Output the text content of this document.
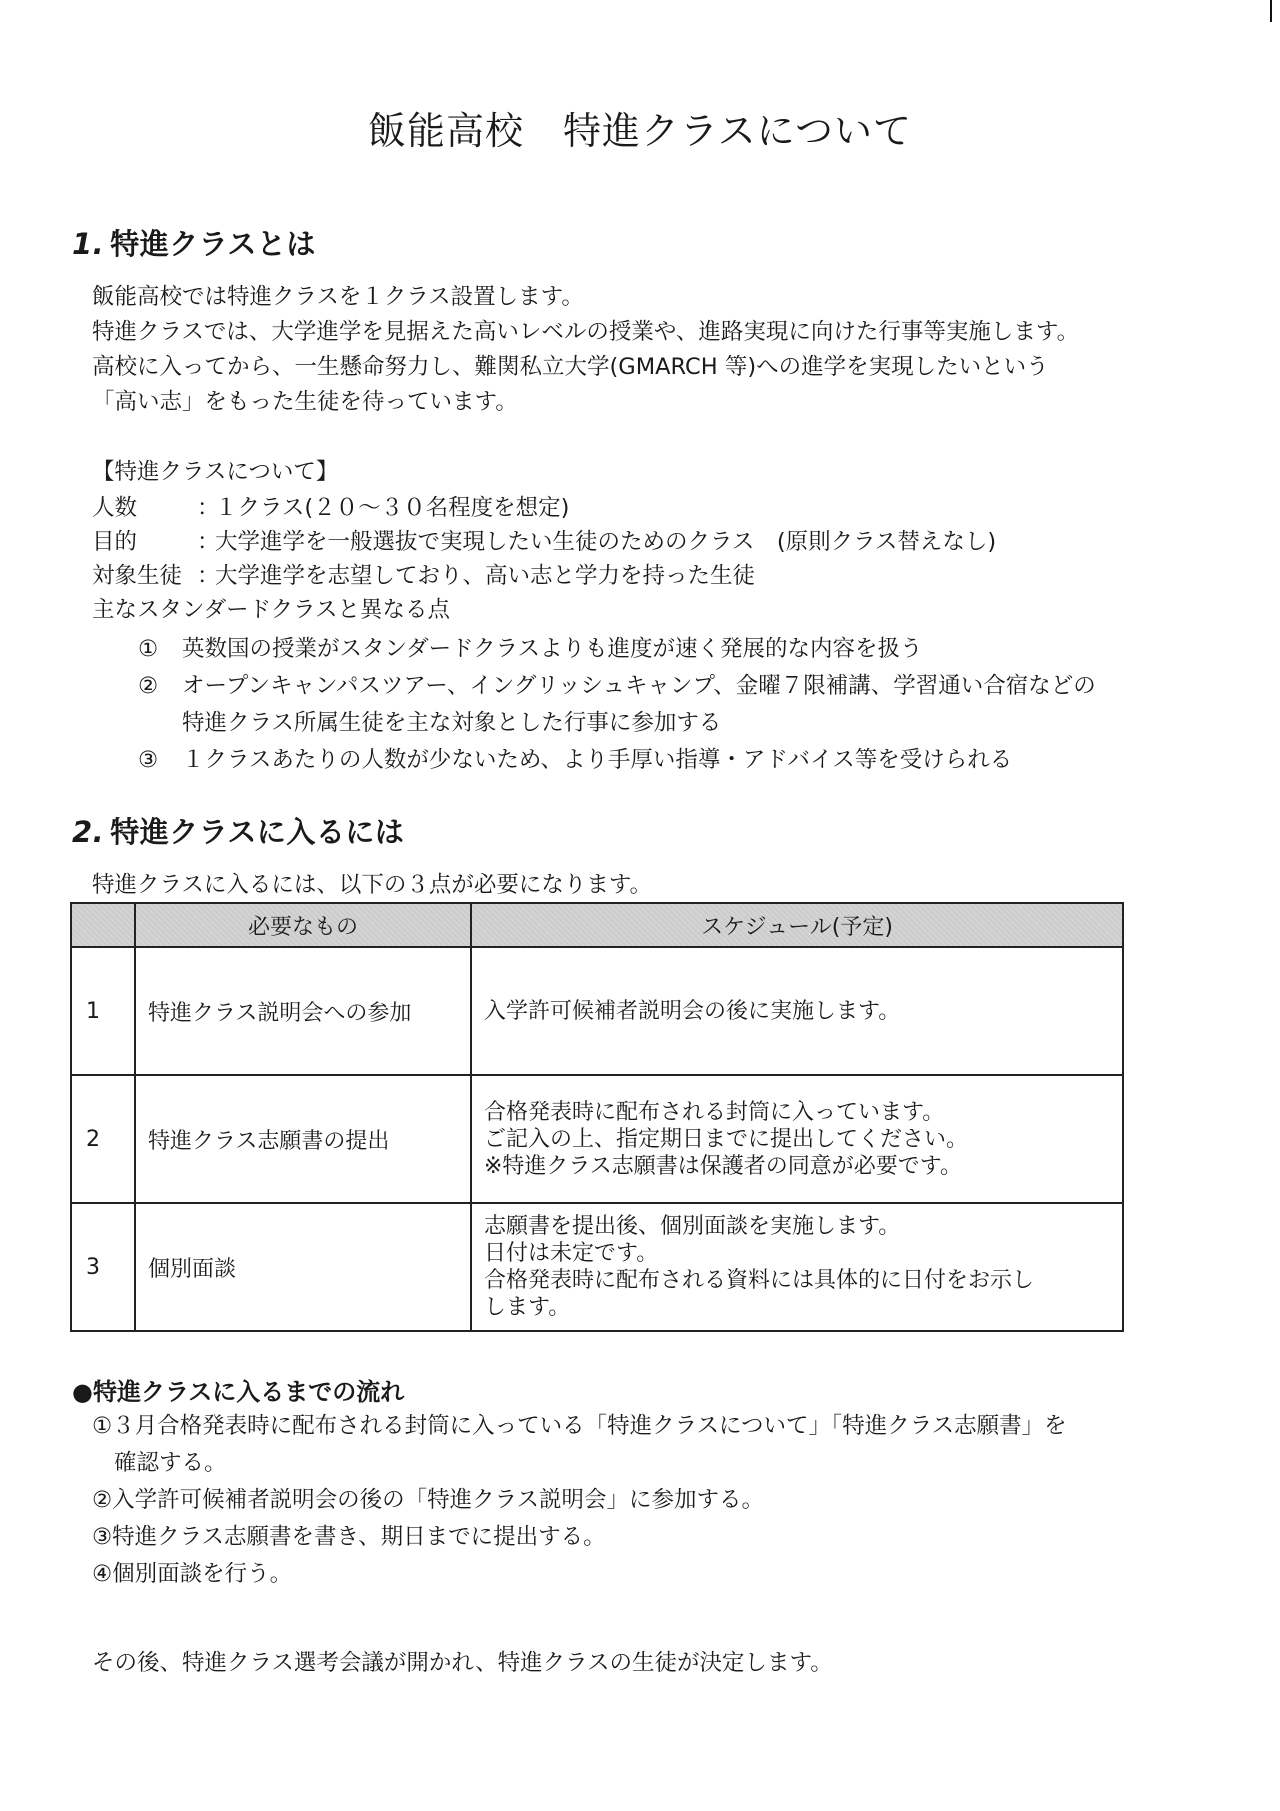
飯能高校　特進クラスについて
1. 特進クラスとは
飯能高校では特進クラスを１クラス設置します。
特進クラスでは、大学進学を見据えた高いレベルの授業や、進路実現に向けた行事等実施します。
高校に入ってから、一生懸命努力し、難関私立大学(GMARCH 等)への進学を実現したいという
「高い志」をもった生徒を待っています。
【特進クラスについて】
人数	：１クラス(２０～３０名程度を想定)
目的	：大学進学を一般選抜で実現したい生徒のためのクラス　(原則クラス替えなし)
対象生徒 ：大学進学を志望しており、高い志と学力を持った生徒
主なスタンダードクラスと異なる点
① 英数国の授業がスタンダードクラスよりも進度が速く発展的な内容を扱う
② オープンキャンパスツアー、イングリッシュキャンプ、金曜７限補講、学習通い合宿などの
特進クラス所属生徒を主な対象とした行事に参加する
③ １クラスあたりの人数が少ないため、より手厚い指導・アドバイス等を受けられる
2. 特進クラスに入るには
特進クラスに入るには、以下の３点が必要になります。
	必要なもの	スケジュール(予定)
1	特進クラス説明会への参加	入学許可候補者説明会の後に実施します。

2	特進クラス志願書の提出	合格発表時に配布される封筒に入っています。
ご記入の上、指定期日までに提出してください。
※特進クラス志願書は保護者の同意が必要です。

3	個別面談	志願書を提出後、個別面談を実施します。
日付は未定です。
合格発表時に配布される資料には具体的に日付をお示し
します。
●特進クラスに入るまでの流れ
①３月合格発表時に配布される封筒に入っている「特進クラスについて」「特進クラス志願書」を
確認する。
②入学許可候補者説明会の後の「特進クラス説明会」に参加する。
③特進クラス志願書を書き、期日までに提出する。
④個別面談を行う。
その後、特進クラス選考会議が開かれ、特進クラスの生徒が決定します。
